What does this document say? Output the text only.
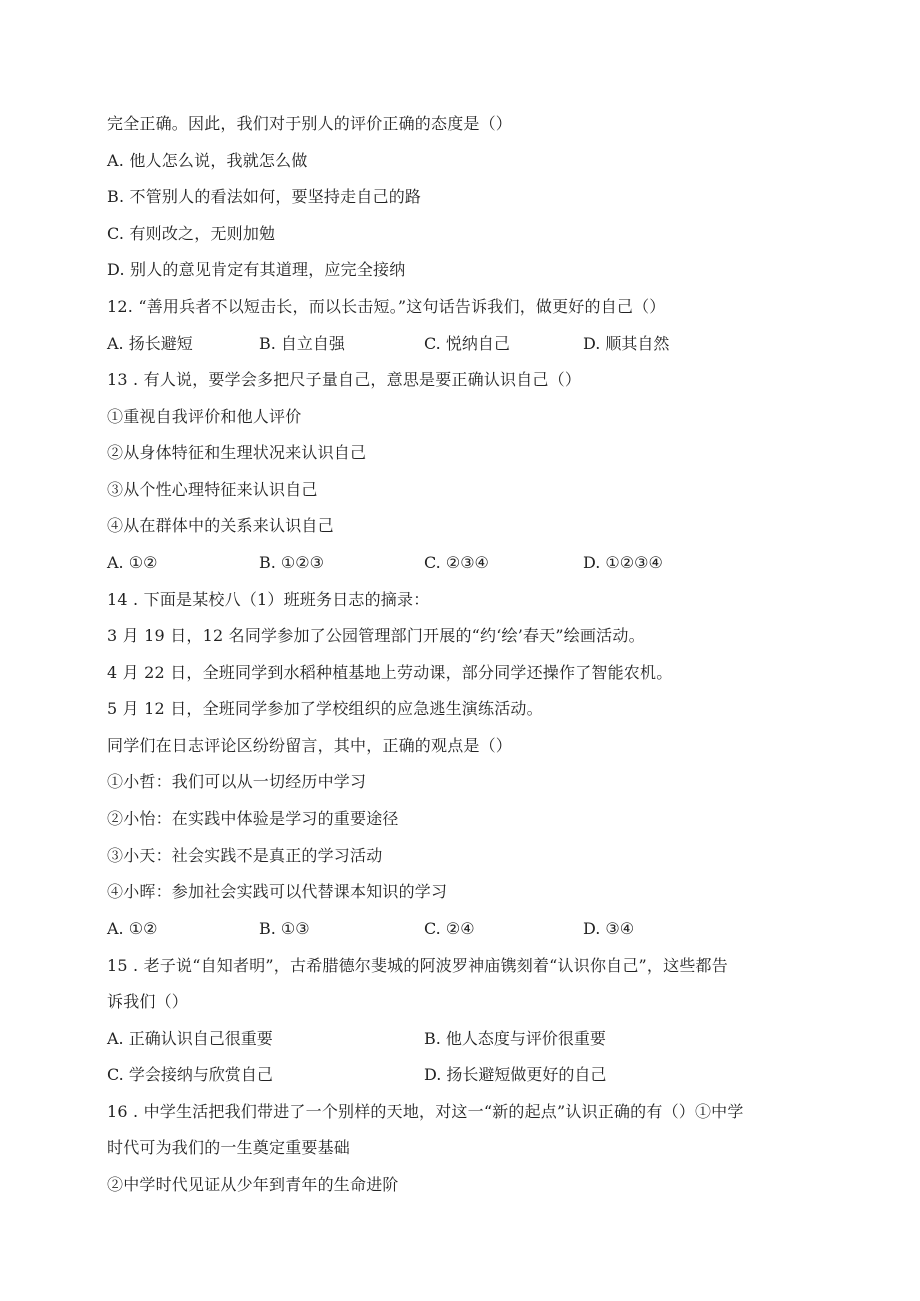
完全正确。因此，我们对于别人的评价正确的态度是（）
A. 他人怎么说，我就怎么做
B. 不管别人的看法如何，要坚持走自己的路
C. 有则改之，无则加勉
D. 别人的意见肯定有其道理，应完全接纳
12. “善用兵者不以短击长，而以长击短。”这句话告诉我们，做更好的自己（）
A. 扬长避短	B. 自立自强	C. 悦纳自己	D. 顺其自然
13 . 有人说，要学会多把尺子量自己，意思是要正确认识自己（）
①重视自我评价和他人评价
②从身体特征和生理状况来认识自己
③从个性心理特征来认识自己
④从在群体中的关系来认识自己
A. ①②	B. ①②③	C. ②③④	D. ①②③④
14 . 下面是某校八（1）班班务日志的摘录：
3 月 19 日，12 名同学参加了公园管理部门开展的“约‘绘’春天”绘画活动。
4 月 22 日，全班同学到水稻种植基地上劳动课，部分同学还操作了智能农机。
5 月 12 日，全班同学参加了学校组织的应急逃生演练活动。
同学们在日志评论区纷纷留言，其中，正确的观点是（）
①小哲：我们可以从一切经历中学习
②小怡：在实践中体验是学习的重要途径
③小天：社会实践不是真正的学习活动
④小晖：参加社会实践可以代替课本知识的学习
A. ①②	B. ①③	C. ②④	D. ③④
15 . 老子说“自知者明”，古希腊德尔斐城的阿波罗神庙镌刻着“认识你自己”，这些都告
诉我们（）
A. 正确认识自己很重要	B. 他人态度与评价很重要
C. 学会接纳与欣赏自己	D. 扬长避短做更好的自己
16 . 中学生活把我们带进了一个别样的天地，对这一“新的起点”认识正确的有（）①中学
时代可为我们的一生奠定重要基础
②中学时代见证从少年到青年的生命进阶
